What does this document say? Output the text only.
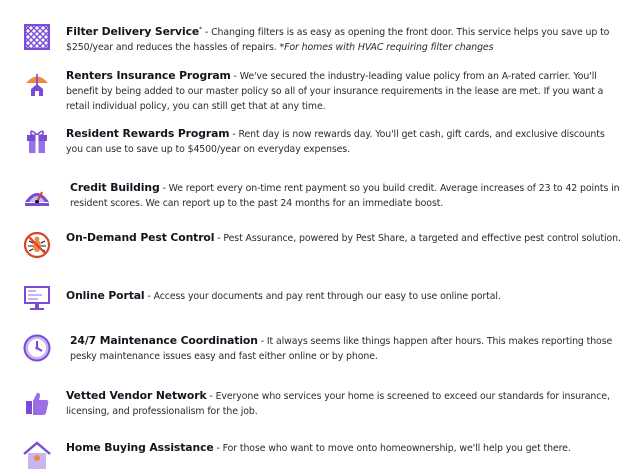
Filter Delivery Service* - Changing filters is as easy as opening the front door. This service helps you save up to $250/year and reduces the hassles of repairs. *For homes with HVAC requiring filter changes
Renters Insurance Program - We've secured the industry-leading value policy from an A-rated carrier. You'll benefit by being added to our master policy so all of your insurance requirements in the lease are met. If you want a retail individual policy, you can still get that at any time.
Resident Rewards Program - Rent day is now rewards day. You'll get cash, gift cards, and exclusive discounts you can use to save up to $4500/year on everyday expenses.
Credit Building - We report every on-time rent payment so you build credit. Average increases of 23 to 42 points in resident scores. We can report up to the past 24 months for an immediate boost.
On-Demand Pest Control - Pest Assurance, powered by Pest Share, a targeted and effective pest control solution.
Online Portal - Access your documents and pay rent through our easy to use online portal.
24/7 Maintenance Coordination - It always seems like things happen after hours. This makes reporting those pesky maintenance issues easy and fast either online or by phone.
Vetted Vendor Network - Everyone who services your home is screened to exceed our standards for insurance, licensing, and professionalism for the job.
Home Buying Assistance - For those who want to move onto homeownership, we'll help you get there.
